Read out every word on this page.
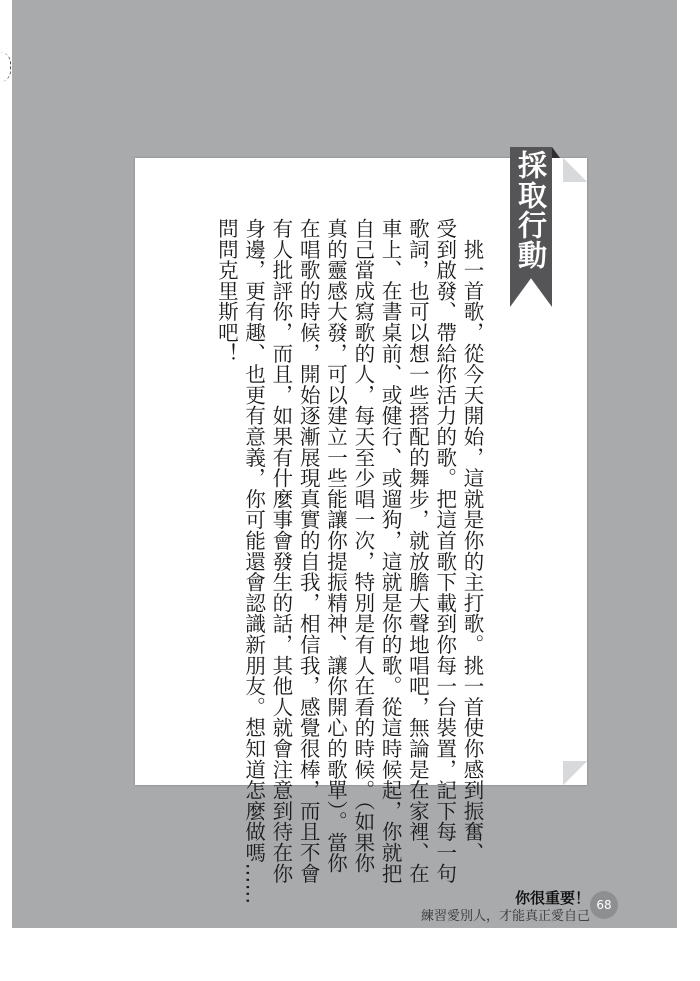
採取行動
　挑一首歌，從今天開始，這就是你的主打歌。挑一首使你感到振奮、
受到啟發、帶給你活力的歌。把這首歌下載到你每一台裝置，記下每一句
歌詞，也可以想一些搭配的舞步，就放膽大聲地唱吧，無論是在家裡、在
車上、在書桌前、或健行、或遛狗，這就是你的歌。從這時候起，你就把
自己當成寫歌的人，每天至少唱一次，特別是有人在看的時候。（如果你
真的靈感大發，可以建立一些能讓你提振精神、讓你開心的歌單）。當你
在唱歌的時候，開始逐漸展現真實的自我，相信我，感覺很棒，而且不會
有人批評你，而且，如果有什麼事會發生的話，其他人就會注意到待在你
身邊，更有趣、也更有意義，你可能還會認識新朋友。想知道怎麼做嗎……
問問克里斯吧！
你很重要！
練習愛別人，才能真正愛自己
68
